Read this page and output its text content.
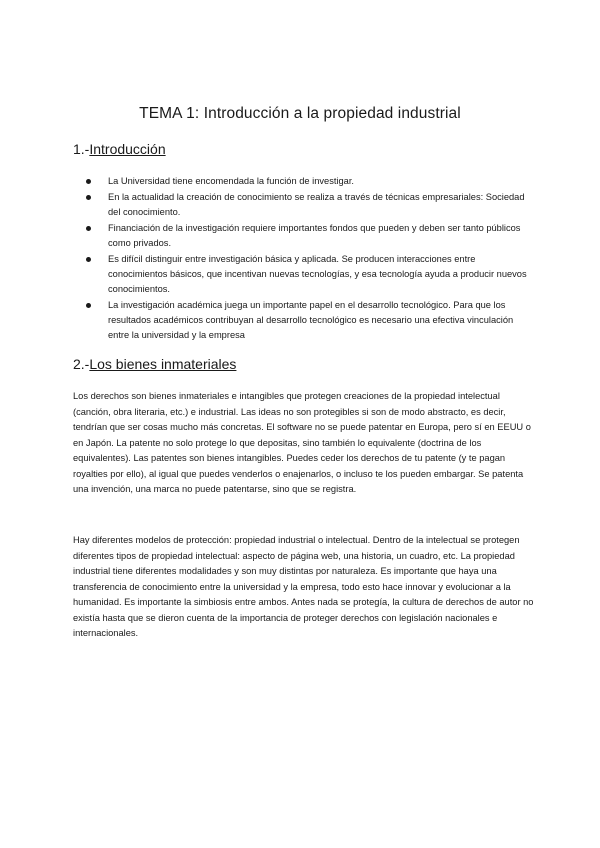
TEMA 1: Introducción a la propiedad industrial
1.-Introducción
La Universidad tiene encomendada la función de investigar.
En la actualidad la creación de conocimiento se realiza a través de técnicas empresariales: Sociedad del conocimiento.
Financiación de la investigación requiere importantes fondos que pueden y deben ser tanto públicos como privados.
Es difícil distinguir entre investigación básica y aplicada. Se producen interacciones entre conocimientos básicos, que incentivan nuevas tecnologías, y esa tecnología ayuda a producir nuevos conocimientos.
La investigación académica juega un importante papel en el desarrollo tecnológico. Para que los resultados académicos contribuyan al desarrollo tecnológico es necesario una efectiva vinculación entre la universidad y la empresa
2.-Los bienes inmateriales

Los derechos son bienes inmateriales e intangibles que protegen creaciones de la propiedad intelectual (canción, obra literaria, etc.) e industrial. Las ideas no son protegibles si son de modo abstracto, es decir, tendrían que ser cosas mucho más concretas. El software no se puede patentar en Europa, pero sí en EEUU o en Japón. La patente no solo protege lo que depositas, sino también lo equivalente (doctrina de los equivalentes). Las patentes son bienes intangibles. Puedes ceder los derechos de tu patente (y te pagan royalties por ello), al igual que puedes venderlos o enajenarlos, o incluso te los pueden embargar. Se patenta una invención, una marca no puede patentarse, sino que se registra.

Hay diferentes modelos de protección: propiedad industrial o intelectual. Dentro de la intelectual se protegen diferentes tipos de propiedad intelectual: aspecto de página web, una historia, un cuadro, etc. La propiedad industrial tiene diferentes modalidades y son muy distintas por naturaleza. Es importante que haya una transferencia de conocimiento entre la universidad y la empresa, todo esto hace innovar y evolucionar a la humanidad. Es importante la simbiosis entre ambos. Antes nada se protegía, la cultura de derechos de autor no existía hasta que se dieron cuenta de la importancia de proteger derechos con legislación nacionales e internacionales.
